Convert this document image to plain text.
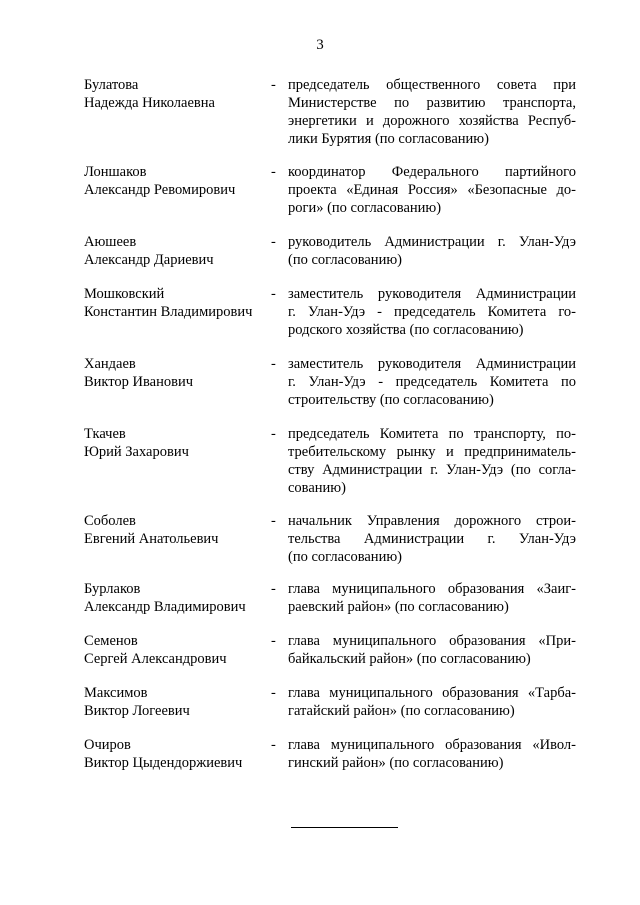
3
Булатова
Надежда Николаевна
- председатель общественного совета при
Министерстве по развитию транспорта,
энергетики и дорожного хозяйства Респуб-
лики Бурятия (по согласованию)
Лоншаков
Александр Ревомирович
- координатор Федерального партийного
проекта «Единая Россия» «Безопасные до-
роги» (по согласованию)
Аюшеев
Александр Дариевич
- руководитель Администрации г. Улан-Удэ
(по согласованию)
Мошковский
Константин Владимирович
- заместитель руководителя Администрации
г. Улан-Удэ - председатель Комитета го-
родского хозяйства (по согласованию)
Хандаев
Виктор Иванович
- заместитель руководителя Администрации
г. Улан-Удэ - председатель Комитета по
строительству (по согласованию)
Ткачев
Юрий Захарович
- председатель Комитета по транспорту, по-
требительскому рынку и предпринимatель-
ству Администрации г. Улан-Удэ (по согла-
сованию)
Соболев
Евгений Анатольевич
- начальник Управления дорожного строи-
тельства Администрации г. Улан-Удэ
(по согласованию)
Бурлаков
Александр Владимирович
- глава муниципального образования «Заиг-
раевский район» (по согласованию)
Семенов
Сергей Александрович
- глава муниципального образования «При-
байкальский район» (по согласованию)
Максимов
Виктор Логеевич
- глава муниципального образования «Тарба-
гатайский район» (по согласованию)
Очиров
Виктор Цыдендоржиевич
- глава муниципального образования «Ивол-
гинский район» (по согласованию)
